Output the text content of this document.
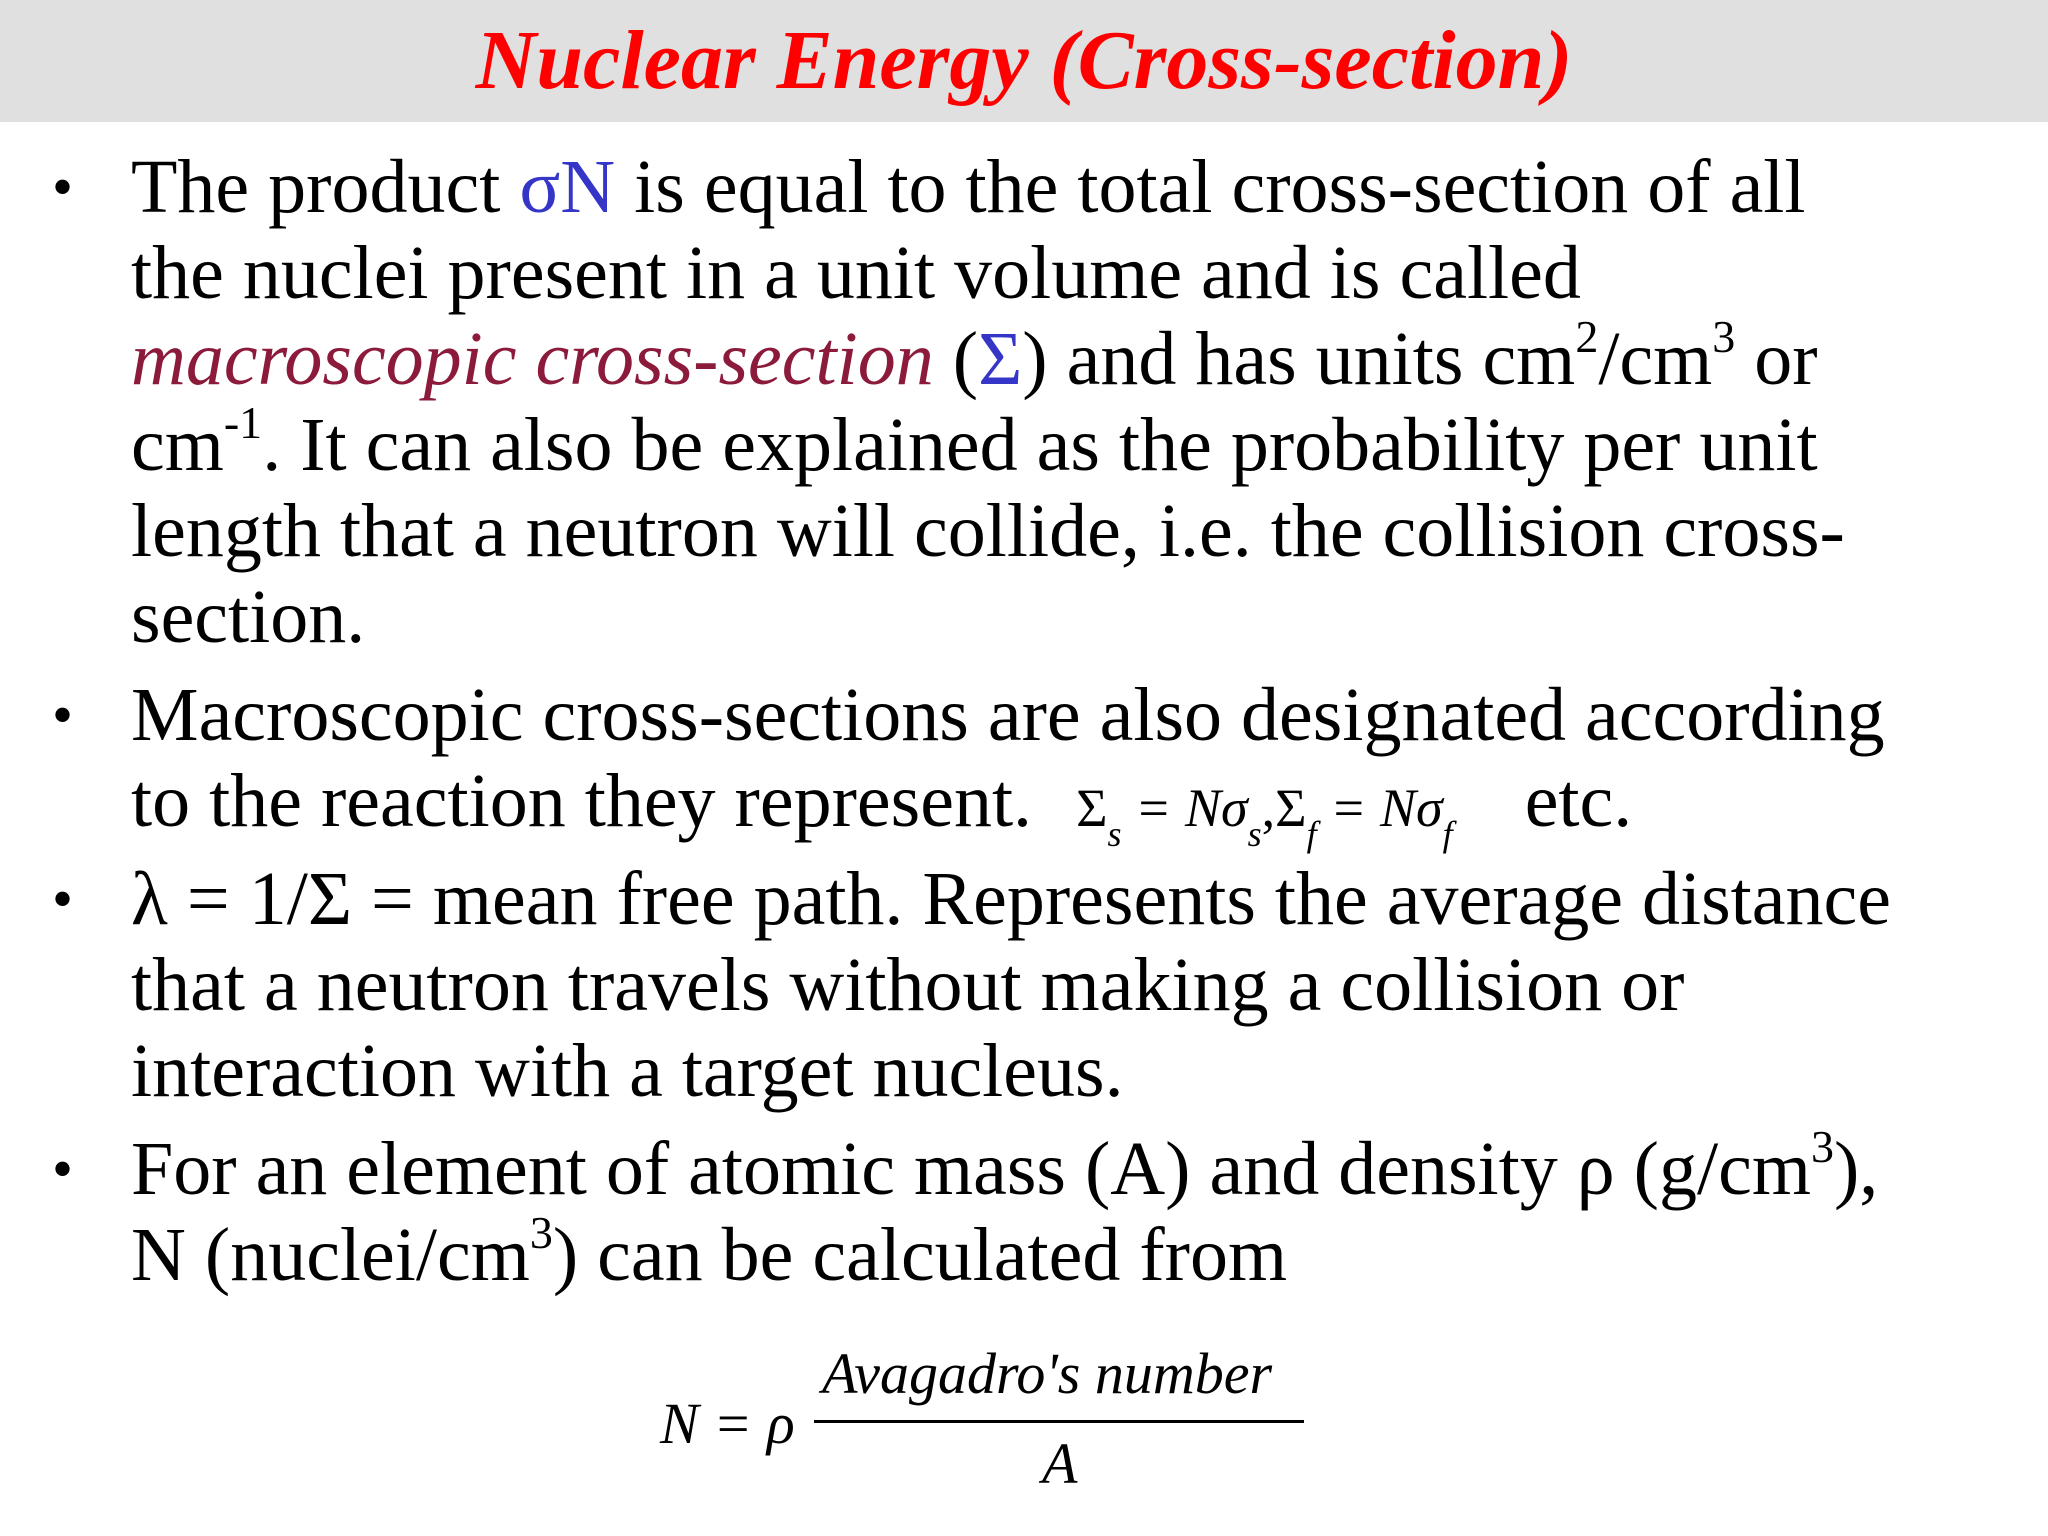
Nuclear Energy (Cross-section)
• The product σN is equal to the total cross-section of all
the nuclei present in a unit volume and is called
macroscopic cross-section (Σ) and has units $cm^2/cm^3$ or
$cm^{-1}$. It can also be explained as the probability per unit
length that a neutron will collide, i.e. the collision cross-
section.
• Macroscopic cross-sections are also designated according
to the reaction they represent. $\Sigma_s = N\sigma_s,\Sigma_f = N\sigma_f$ etc.
• λ = 1/Σ = mean free path. Represents the average distance
that a neutron travels without making a collision or
interaction with a target nucleus.
• For an element of atomic mass (A) and density ρ $(g/cm^3)$,
N $(nuclei/cm^3)$ can be calculated from
N = ρ
Avagadro's number
A
